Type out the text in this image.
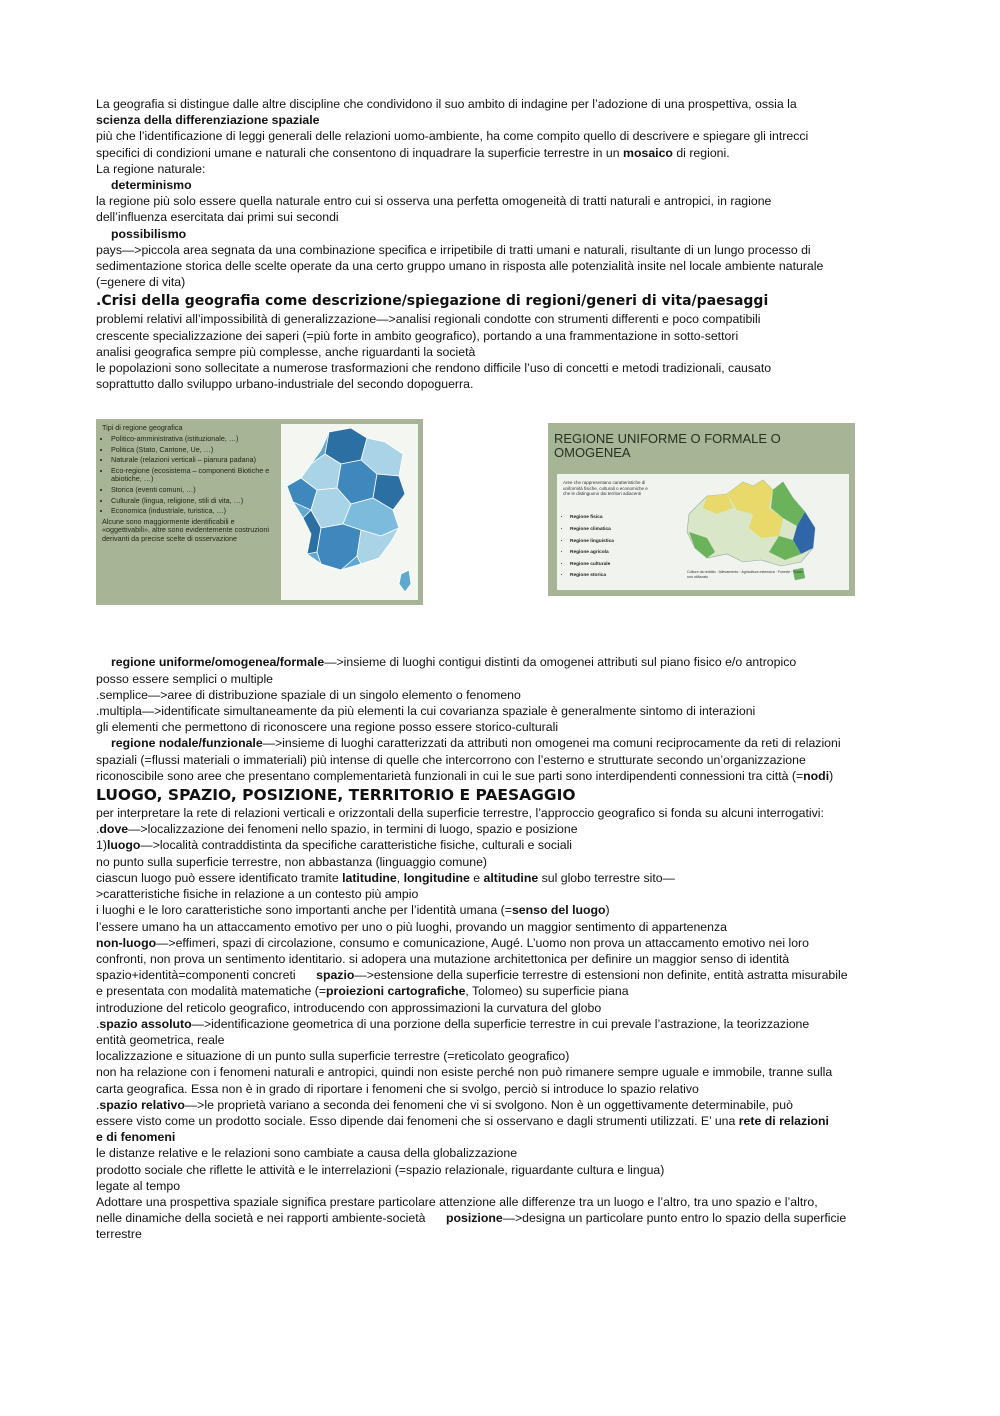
La geografia si distingue dalle altre discipline che condividono il suo ambito di indagine per l’adozione di una prospettiva, ossia la
scienza della differenziazione spaziale
più che l’identificazione di leggi generali delle relazioni uomo-ambiente, ha come compito quello di descrivere e spiegare gli intrecci
specifici di condizioni umane e naturali che consentono di inquadrare la superficie terrestre in un mosaico di regioni.
La regione naturale:
determinismo
la regione più solo essere quella naturale entro cui si osserva una perfetta omogeneità di tratti naturali e antropici, in ragione
dell’influenza esercitata dai primi sui secondi
possibilismo
pays—>piccola area segnata da una combinazione specifica e irripetibile di tratti umani e naturali, risultante di un lungo processo di
sedimentazione storica delle scelte operate da una certo gruppo umano in risposta alle potenzialità insite nel locale ambiente naturale
(=genere di vita)
.Crisi della geografia come descrizione/spiegazione di regioni/generi di vita/paesaggi
problemi relativi all’impossibilità di generalizzazione—>analisi regionali condotte con strumenti differenti e poco compatibili
crescente specializzazione dei saperi (=più forte in ambito geografico), portando a una frammentazione in sotto-settori
analisi geografica sempre più complesse, anche riguardanti la società
le popolazioni sono sollecitate a numerose trasformazioni che rendono difficile l’uso di concetti e metodi tradizionali, causato
soprattutto dallo sviluppo urbano-industriale del secondo dopoguerra.
Tipi di regione geografica
• Politico-amministrativa (istituzionale, …)
• Politica (Stato, Cantone, Ue, …)
• Naturale (relazioni verticali – pianura padana)
• Eco-regione (ecosistema – componenti Biotiche e abiotiche, …)
• Storica (eventi comuni, …)
• Culturale (lingua, religione, stili di vita, …)
• Economica (industriale, turistica, …)
Alcune sono maggiormente identificabili e «oggettivabili», altre sono evidentemente costruzioni derivanti da precise scelte di osservazione
REGIONE UNIFORME O FORMALE O OMOGENEA
Aree che rappresentano caratteristiche di uniformità fisiche, culturali o economiche e che le distinguono dai territori adiacenti
• Regione fisica
• Regione climatica
• Regione linguistica
• Regione agricola
• Regione culturale
• Regione storica
Colture da reddito · Allevamento · Agricoltura estensiva · Foreste · Suolo non utilizzato
regione uniforme/omogenea/formale—>insieme di luoghi contigui distinti da omogenei attributi sul piano fisico e/o antropico
posso essere semplici o multiple
.semplice—>aree di distribuzione spaziale di un singolo elemento o fenomeno
.multipla—>identificate simultaneamente da più elementi la cui covarianza spaziale è generalmente sintomo di interazioni
gli elementi che permettono di riconoscere una regione posso essere storico-culturali
regione nodale/funzionale—>insieme di luoghi caratterizzati da attributi non omogenei ma comuni reciprocamente da reti di relazioni
spaziali (=flussi materiali o immateriali) più intense di quelle che intercorrono con l’esterno e strutturate secondo un’organizzazione
riconoscibile sono aree che presentano complementarietà funzionali in cui le sue parti sono interdipendenti connessioni tra città (=nodi)
LUOGO, SPAZIO, POSIZIONE, TERRITORIO E PAESAGGIO
per interpretare la rete di relazioni verticali e orizzontali della superficie terrestre, l’approccio geografico si fonda su alcuni interrogativi:
.dove—>localizzazione dei fenomeni nello spazio, in termini di luogo, spazio e posizione
1)luogo—>località contraddistinta da specifiche caratteristiche fisiche, culturali e sociali
no punto sulla superficie terrestre, non abbastanza (linguaggio comune)
ciascun luogo può essere identificato tramite latitudine, longitudine e altitudine sul globo terrestre sito—
>caratteristiche fisiche in relazione a un contesto più ampio
i luoghi e le loro caratteristiche sono importanti anche per l’identità umana (=senso del luogo)
l’essere umano ha un attaccamento emotivo per uno o più luoghi, provando un maggior sentimento di appartenenza
non-luogo—>effimeri, spazi di circolazione, consumo e comunicazione, Augé. L’uomo non prova un attaccamento emotivo nei loro
confronti, non prova un sentimento identitario. si adopera una mutazione architettonica per definire un maggior senso di identità
spazio+identità=componenti concreti      spazio—>estensione della superficie terrestre di estensioni non definite, entità astratta misurabile
e presentata con modalità matematiche (=proiezioni cartografiche, Tolomeo) su superficie piana
introduzione del reticolo geografico, introducendo con approssimazioni la curvatura del globo
.spazio assoluto—>identificazione geometrica di una porzione della superficie terrestre in cui prevale l’astrazione, la teorizzazione
entità geometrica, reale
localizzazione e situazione di un punto sulla superficie terrestre (=reticolato geografico)
non ha relazione con i fenomeni naturali e antropici, quindi non esiste perché non può rimanere sempre uguale e immobile, tranne sulla
carta geografica. Essa non è in grado di riportare i fenomeni che si svolgo, perciò si introduce lo spazio relativo
.spazio relativo—>le proprietà variano a seconda dei fenomeni che vi si svolgono. Non è un oggettivamente determinabile, può
essere visto come un prodotto sociale. Esso dipende dai fenomeni che si osservano e dagli strumenti utilizzati. E’ una rete di relazioni
e di fenomeni
le distanze relative e le relazioni sono cambiate a causa della globalizzazione
prodotto sociale che riflette le attività e le interrelazioni (=spazio relazionale, riguardante cultura e lingua)
legate al tempo
Adottare una prospettiva spaziale significa prestare particolare attenzione alle differenze tra un luogo e l’altro, tra uno spazio e l’altro,
nelle dinamiche della società e nei rapporti ambiente-società      posizione—>designa un particolare punto entro lo spazio della superficie
terrestre
